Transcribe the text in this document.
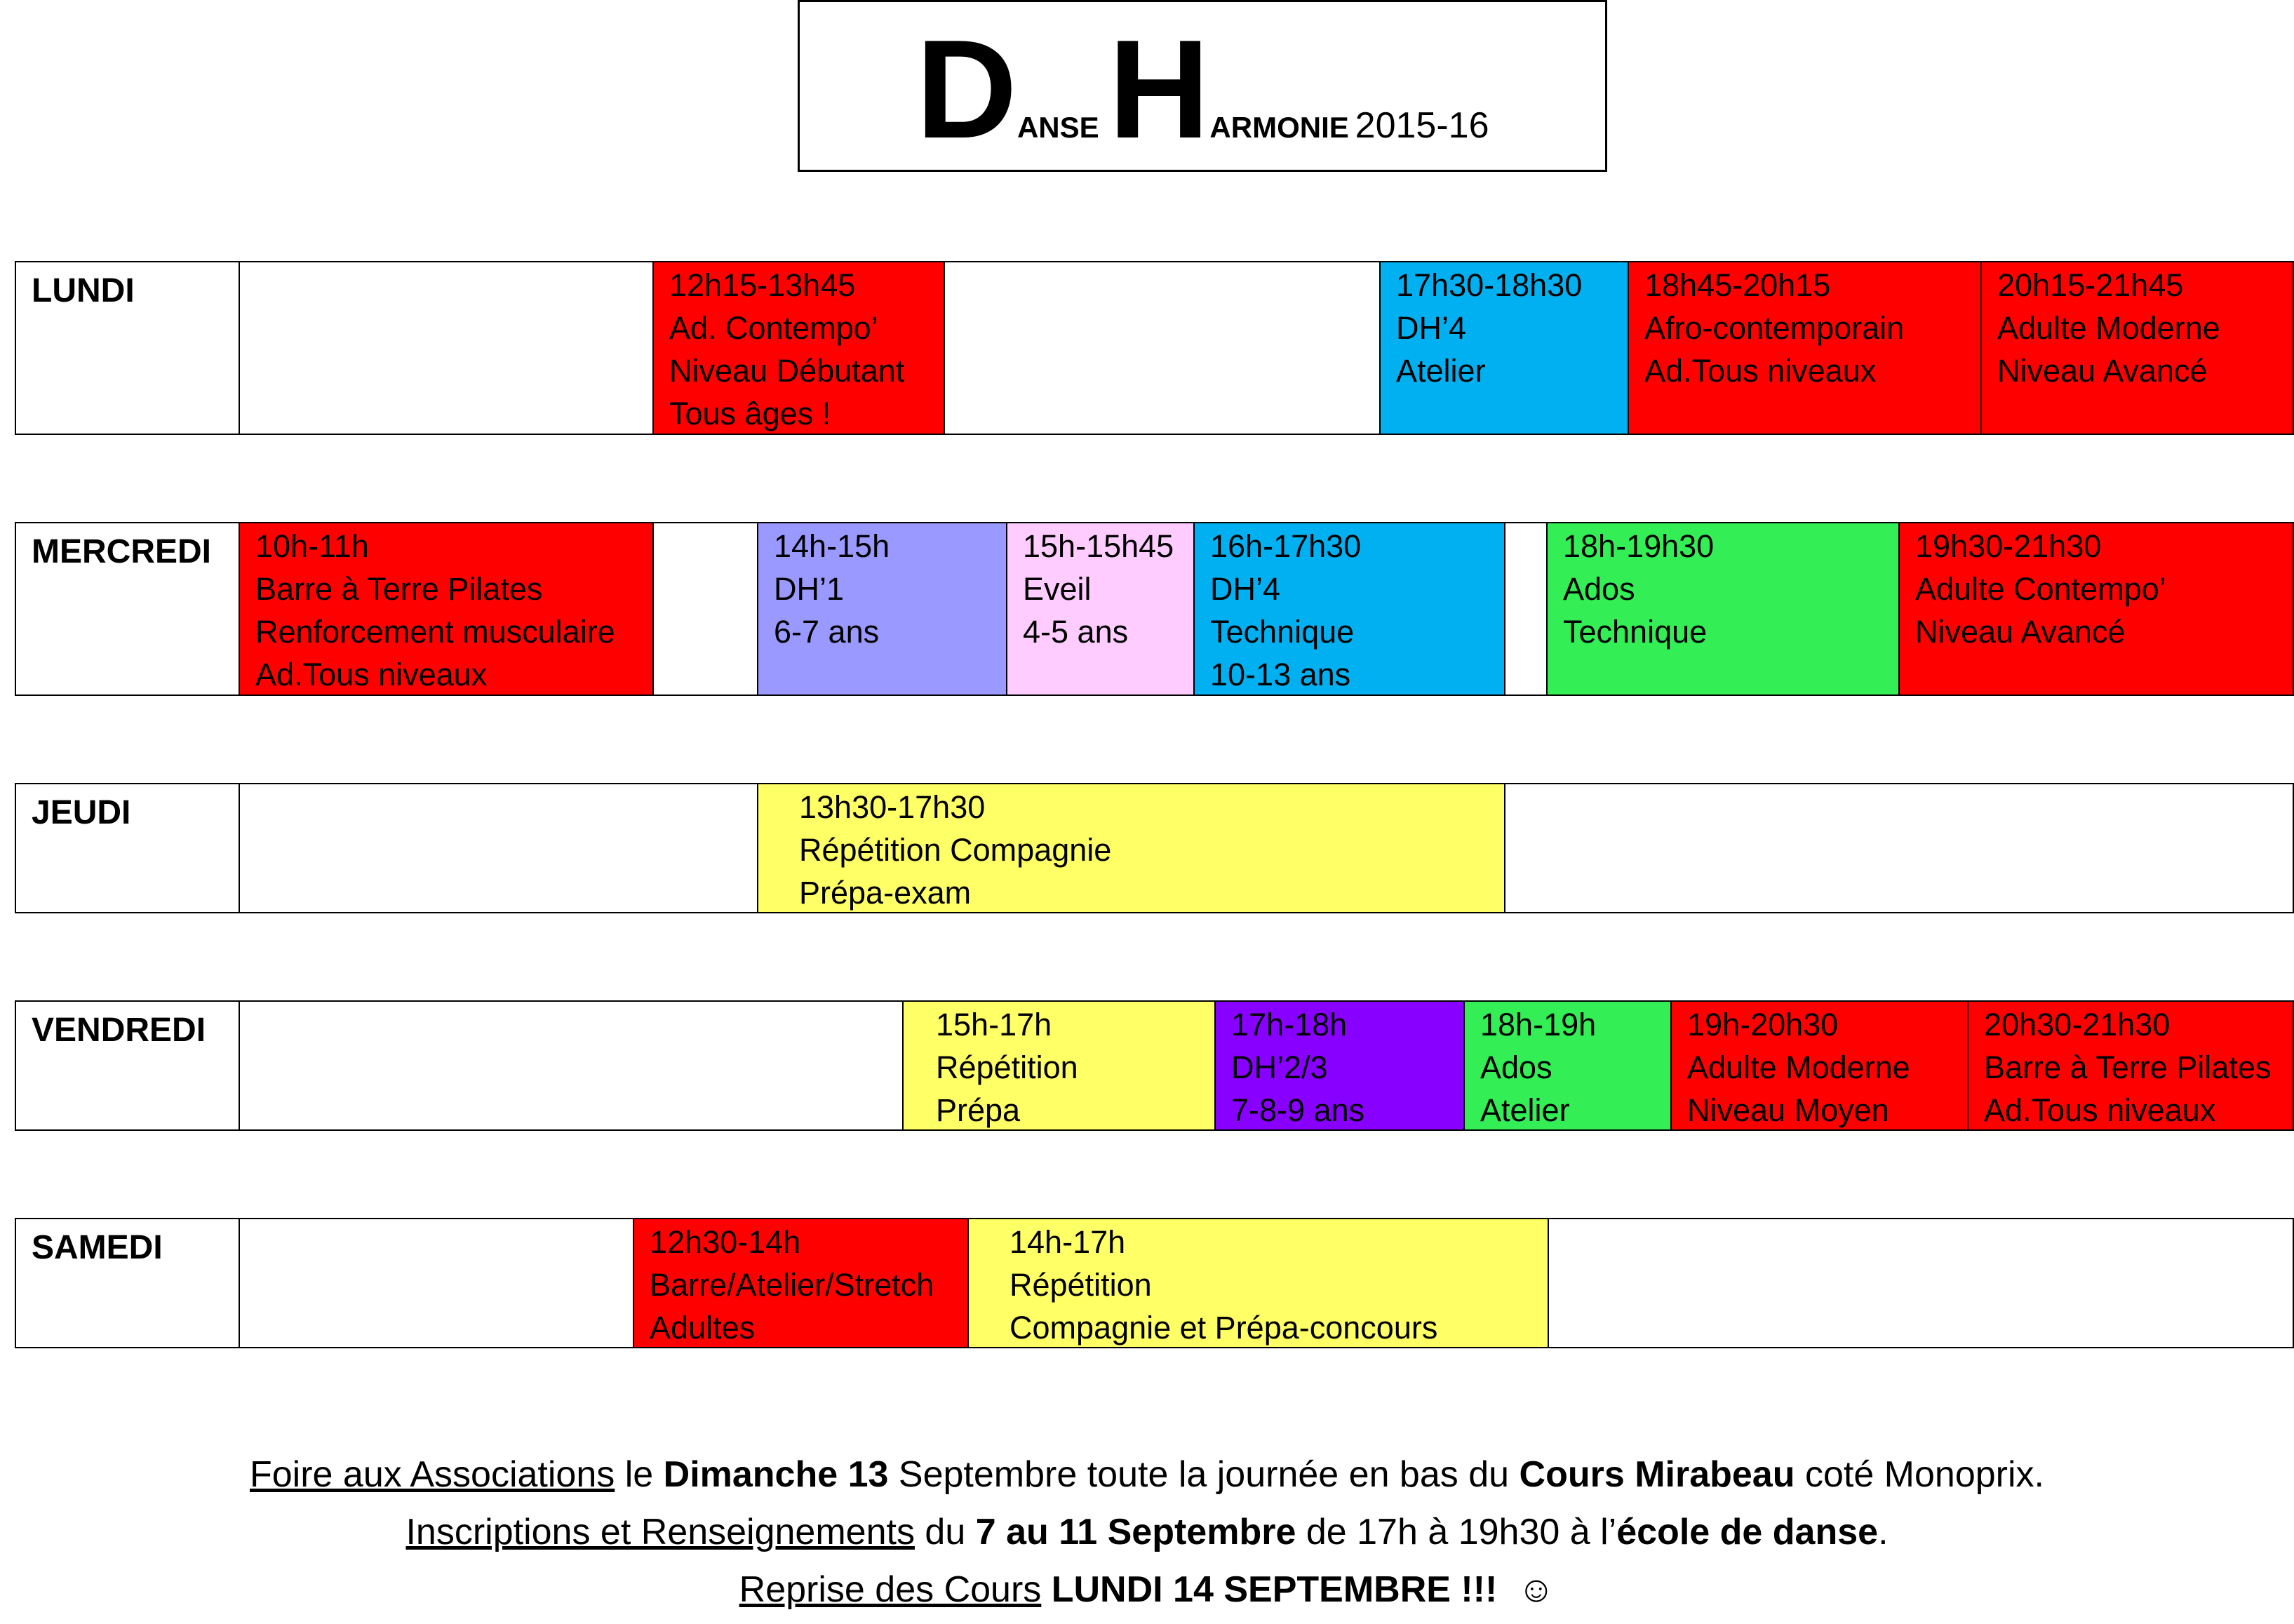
DANSE   HARMONIE 2015-16
LUNDI	12h15-13h45
Ad. Contempo’
Niveau Débutant
Tous âges !
17h30-18h30
DH’4
Atelier
18h45-20h15
Afro-contemporain
Ad.Tous niveaux
20h15-21h45
Adulte Moderne
Niveau Avancé
MERCREDI	10h-11h
Barre à Terre Pilates
Renforcement musculaire
Ad.Tous niveaux
14h-15h
DH’1
6-7 ans
15h-15h45
Eveil
4-5 ans
16h-17h30
DH’4
Technique
10-13 ans
18h-19h30
Ados
Technique
19h30-21h30
Adulte Contempo’
Niveau Avancé
JEUDI	13h30-17h30
Répétition Compagnie
Prépa-exam
VENDREDI	15h-17h
Répétition
Prépa
17h-18h
DH’2/3
7-8-9 ans
18h-19h
Ados
Atelier
19h-20h30
Adulte Moderne
Niveau Moyen
20h30-21h30
Barre à Terre Pilates
Ad.Tous niveaux
SAMEDI	12h30-14h
Barre/Atelier/Stretch
Adultes
14h-17h
Répétition
Compagnie et Prépa-concours
Foire aux Associations le Dimanche 13 Septembre toute la journée en bas du Cours Mirabeau coté Monoprix.
Inscriptions et Renseignements du 7 au 11 Septembre de 17h à 19h30 à l’école de danse.
Reprise des Cours LUNDI 14 SEPTEMBRE !!! ☺
